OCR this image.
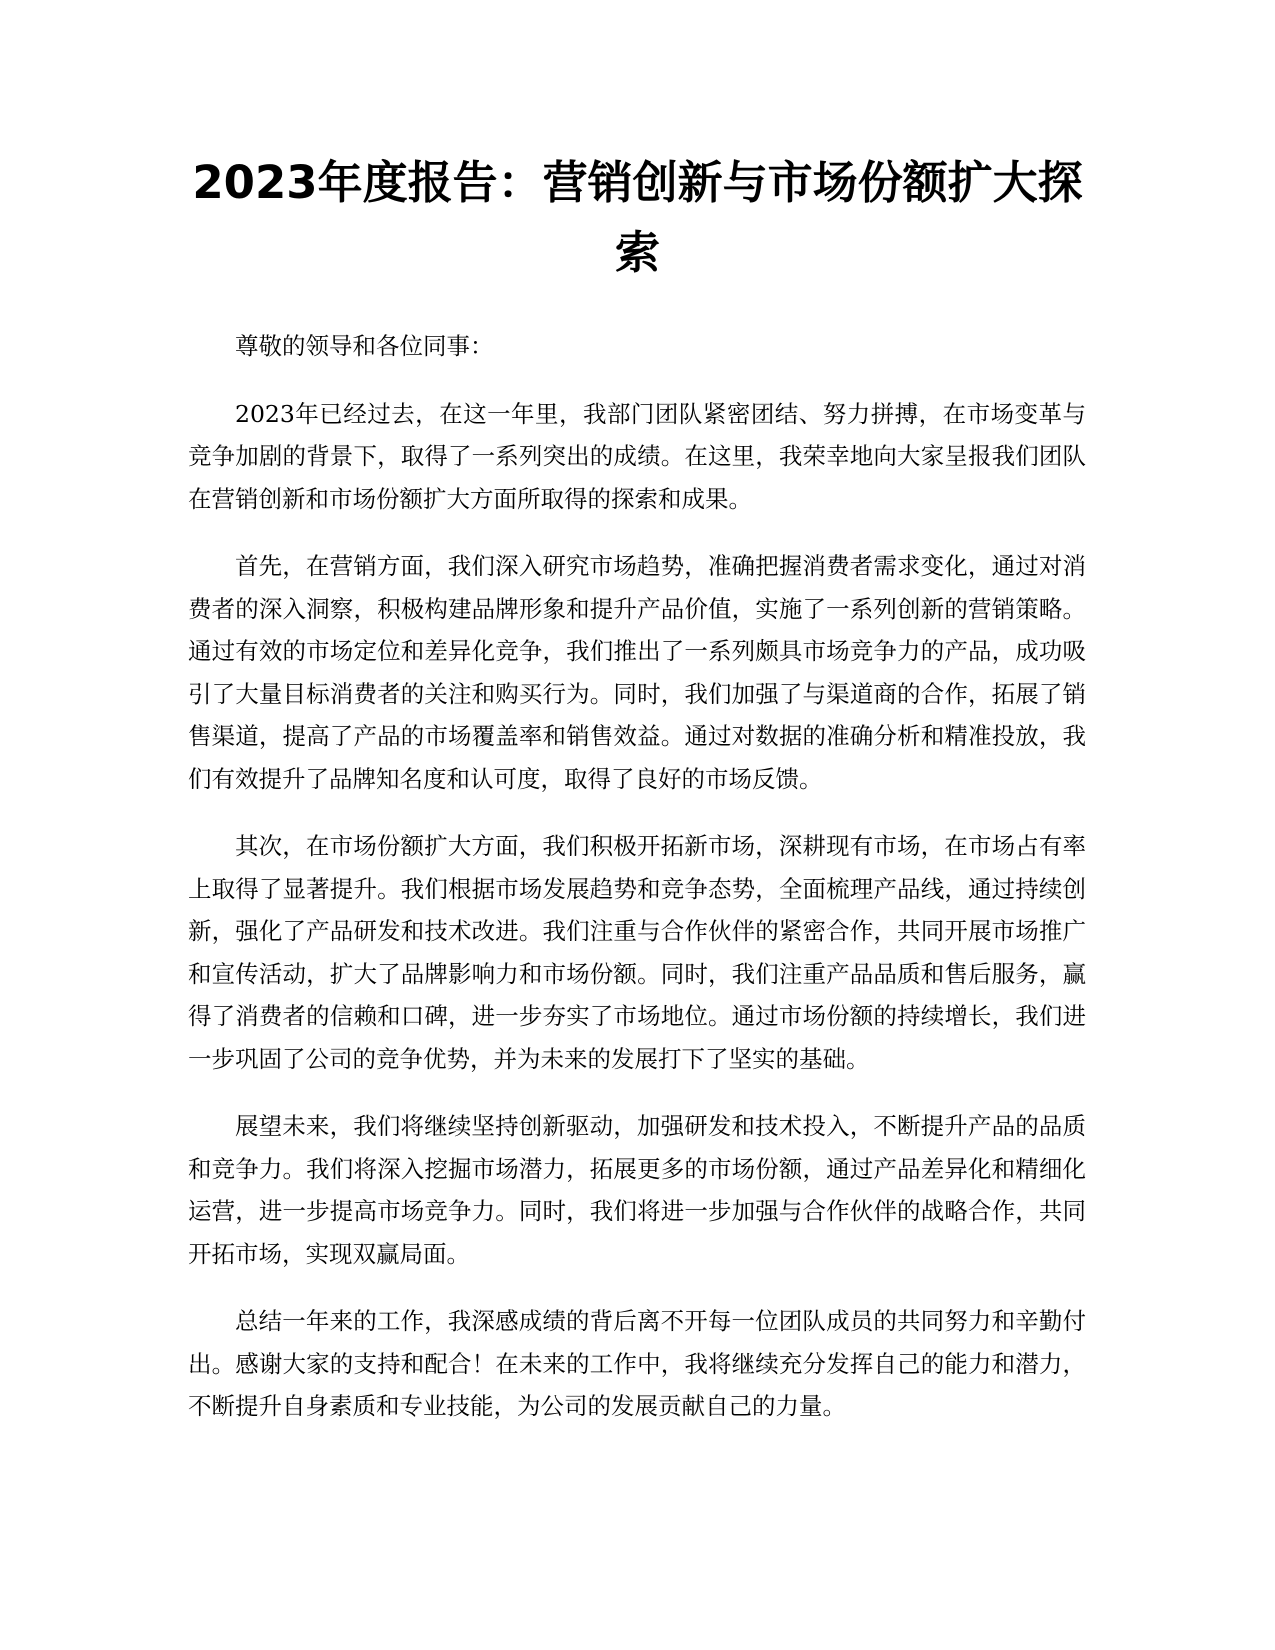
2023年度报告：营销创新与市场份额扩大探索

尊敬的领导和各位同事：

2023年已经过去，在这一年里，我部门团队紧密团结、努力拼搏，在市场变革与竞争加剧的背景下，取得了一系列突出的成绩。在这里，我荣幸地向大家呈报我们团队在营销创新和市场份额扩大方面所取得的探索和成果。

首先，在营销方面，我们深入研究市场趋势，准确把握消费者需求变化，通过对消费者的深入洞察，积极构建品牌形象和提升产品价值，实施了一系列创新的营销策略。通过有效的市场定位和差异化竞争，我们推出了一系列颇具市场竞争力的产品，成功吸引了大量目标消费者的关注和购买行为。同时，我们加强了与渠道商的合作，拓展了销售渠道，提高了产品的市场覆盖率和销售效益。通过对数据的准确分析和精准投放，我们有效提升了品牌知名度和认可度，取得了良好的市场反馈。

其次，在市场份额扩大方面，我们积极开拓新市场，深耕现有市场，在市场占有率上取得了显著提升。我们根据市场发展趋势和竞争态势，全面梳理产品线，通过持续创新，强化了产品研发和技术改进。我们注重与合作伙伴的紧密合作，共同开展市场推广和宣传活动，扩大了品牌影响力和市场份额。同时，我们注重产品品质和售后服务，赢得了消费者的信赖和口碑，进一步夯实了市场地位。通过市场份额的持续增长，我们进一步巩固了公司的竞争优势，并为未来的发展打下了坚实的基础。

展望未来，我们将继续坚持创新驱动，加强研发和技术投入，不断提升产品的品质和竞争力。我们将深入挖掘市场潜力，拓展更多的市场份额，通过产品差异化和精细化运营，进一步提高市场竞争力。同时，我们将进一步加强与合作伙伴的战略合作，共同开拓市场，实现双赢局面。

总结一年来的工作，我深感成绩的背后离不开每一位团队成员的共同努力和辛勤付出。感谢大家的支持和配合！在未来的工作中，我将继续充分发挥自己的能力和潜力，不断提升自身素质和专业技能，为公司的发展贡献自己的力量。
